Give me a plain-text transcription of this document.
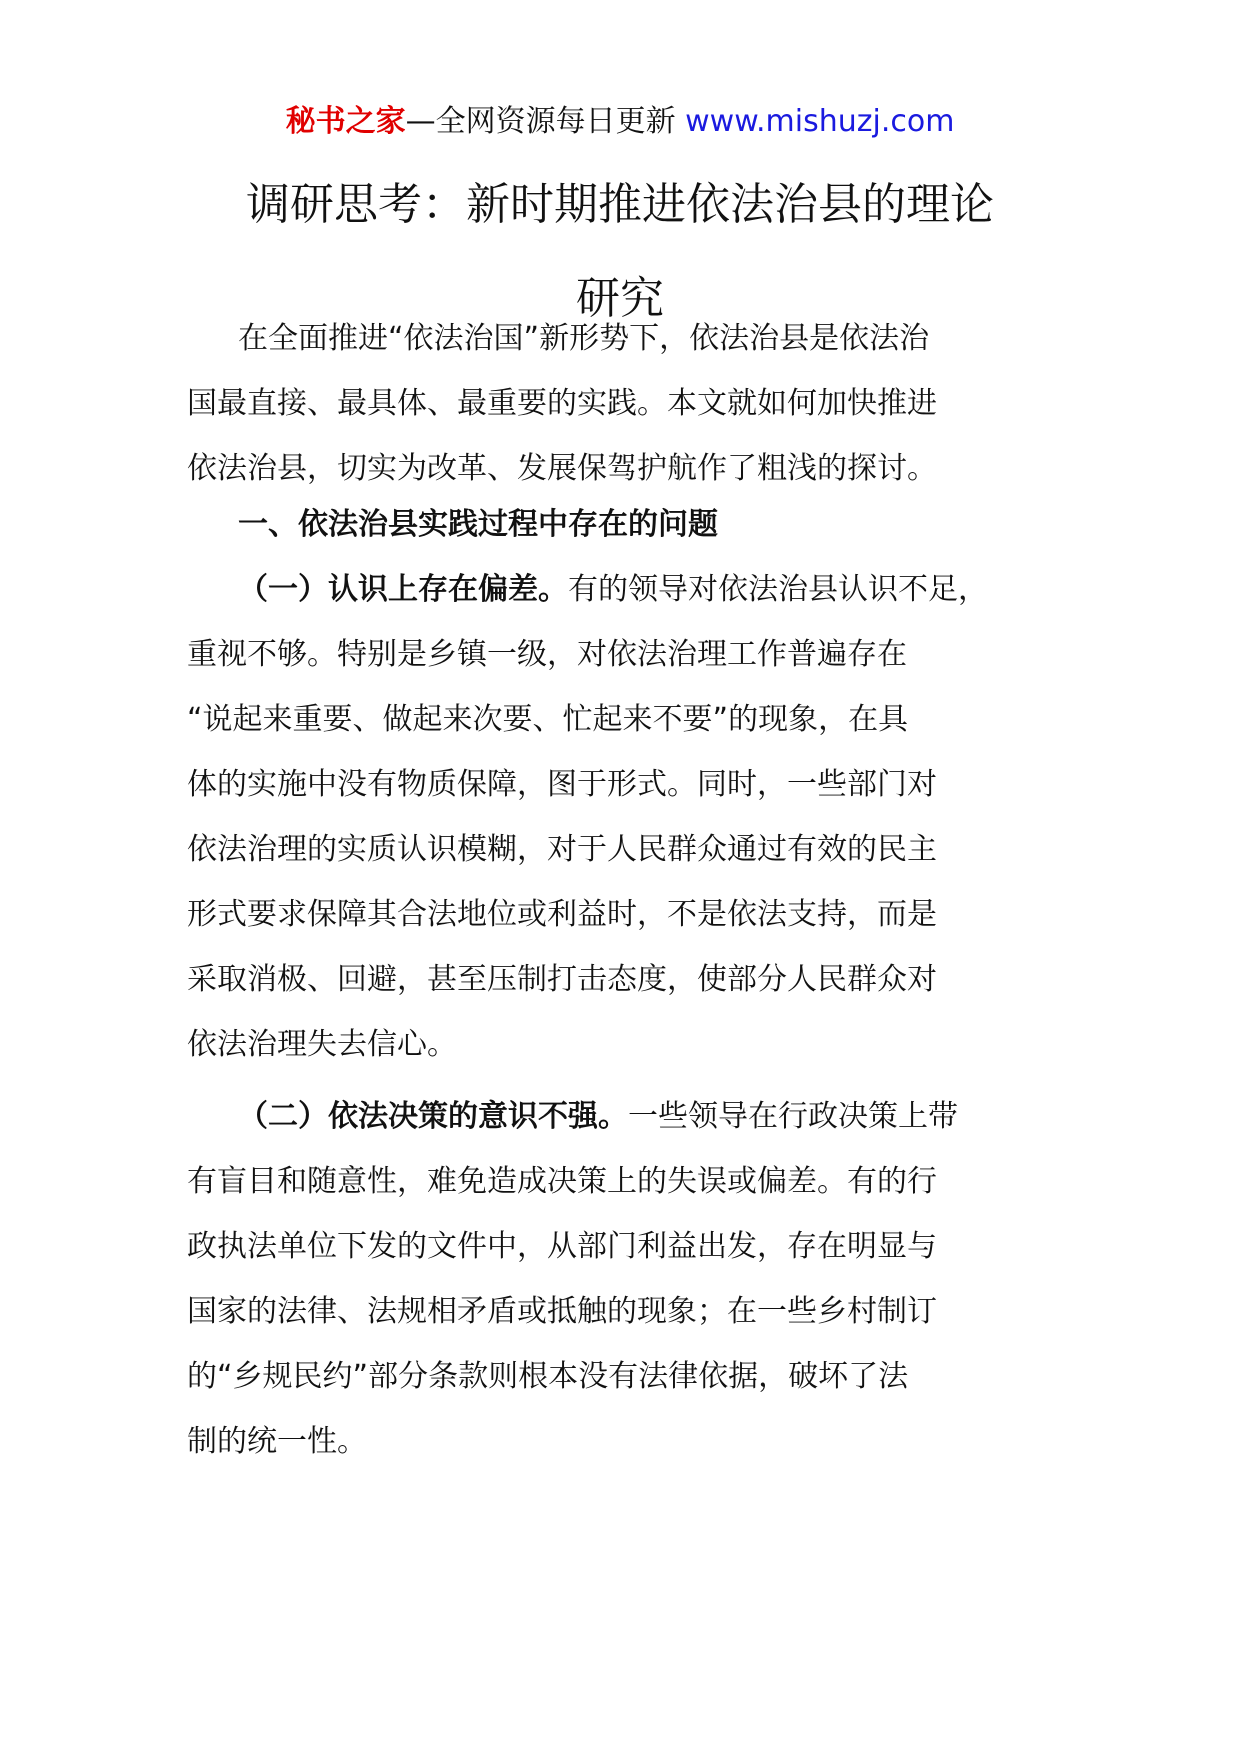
秘书之家—全网资源每日更新 www.mishuzj.com
调研思考：新时期推进依法治县的理论
研究
在全面推进“依法治国”新形势下，依法治县是依法治
国最直接、最具体、最重要的实践。本文就如何加快推进
依法治县，切实为改革、发展保驾护航作了粗浅的探讨。
一、依法治县实践过程中存在的问题
（一）认识上存在偏差。有的领导对依法治县认识不足，
重视不够。特别是乡镇一级，对依法治理工作普遍存在
“说起来重要、做起来次要、忙起来不要”的现象，在具
体的实施中没有物质保障，图于形式。同时，一些部门对
依法治理的实质认识模糊，对于人民群众通过有效的民主
形式要求保障其合法地位或利益时，不是依法支持，而是
采取消极、回避，甚至压制打击态度，使部分人民群众对
依法治理失去信心。
（二）依法决策的意识不强。一些领导在行政决策上带
有盲目和随意性，难免造成决策上的失误或偏差。有的行
政执法单位下发的文件中，从部门利益出发，存在明显与
国家的法律、法规相矛盾或抵触的现象；在一些乡村制订
的“乡规民约”部分条款则根本没有法律依据，破坏了法
制的统一性。
